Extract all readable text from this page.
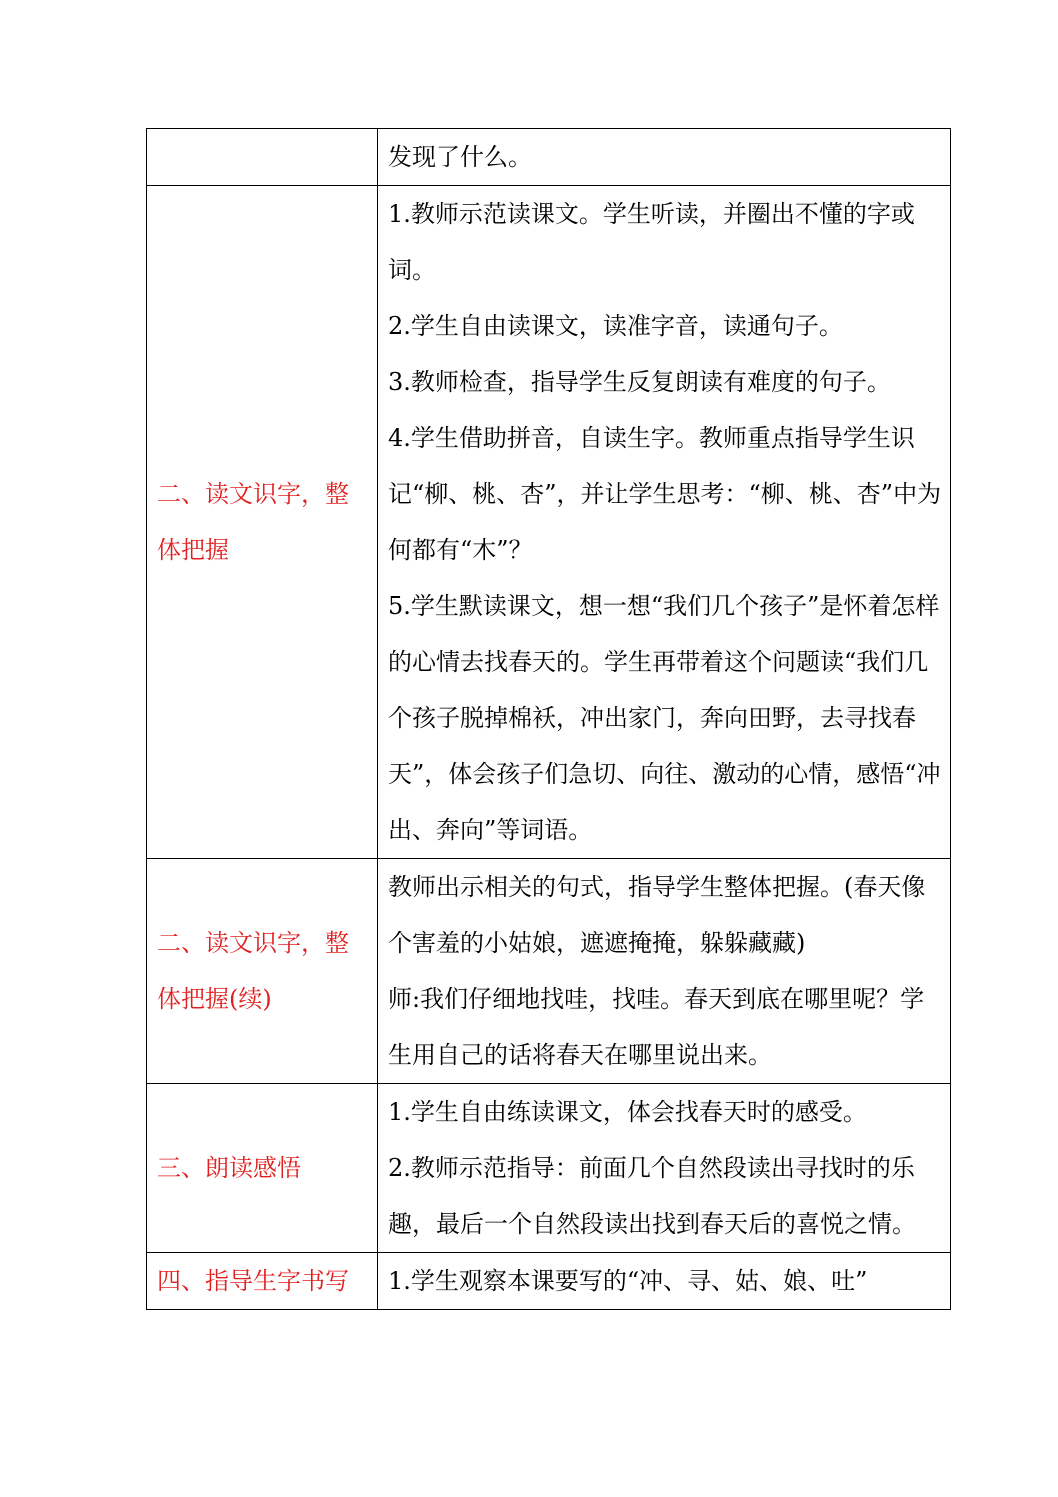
	发现了什么。

二、读文识字，整体把握	1.教师示范读课文。学生听读，并圈出不懂的字或词。
2.学生自由读课文，读准字音，读通句子。
3.教师检查，指导学生反复朗读有难度的句子。
4.学生借助拼音，自读生字。教师重点指导学生识记“柳、桃、杏”，并让学生思考：“柳、桃、杏”中为何都有“木”？
5.学生默读课文，想一想“我们几个孩子”是怀着怎样的心情去找春天的。学生再带着这个问题读“我们几个孩子脱掉棉袄，冲出家门，奔向田野，去寻找春天”，体会孩子们急切、向往、激动的心情，感悟“冲出、奔向”等词语。

二、读文识字，整体把握(续)	教师出示相关的句式，指导学生整体把握。(春天像个害羞的小姑娘，遮遮掩掩，躲躲藏藏)
师:我们仔细地找哇，找哇。春天到底在哪里呢？学生用自己的话将春天在哪里说出来。

三、朗读感悟	1.学生自由练读课文，体会找春天时的感受。
2.教师示范指导：前面几个自然段读出寻找时的乐趣，最后一个自然段读出找到春天后的喜悦之情。

四、指导生字书写	1.学生观察本课要写的“冲、寻、姑、娘、吐”
